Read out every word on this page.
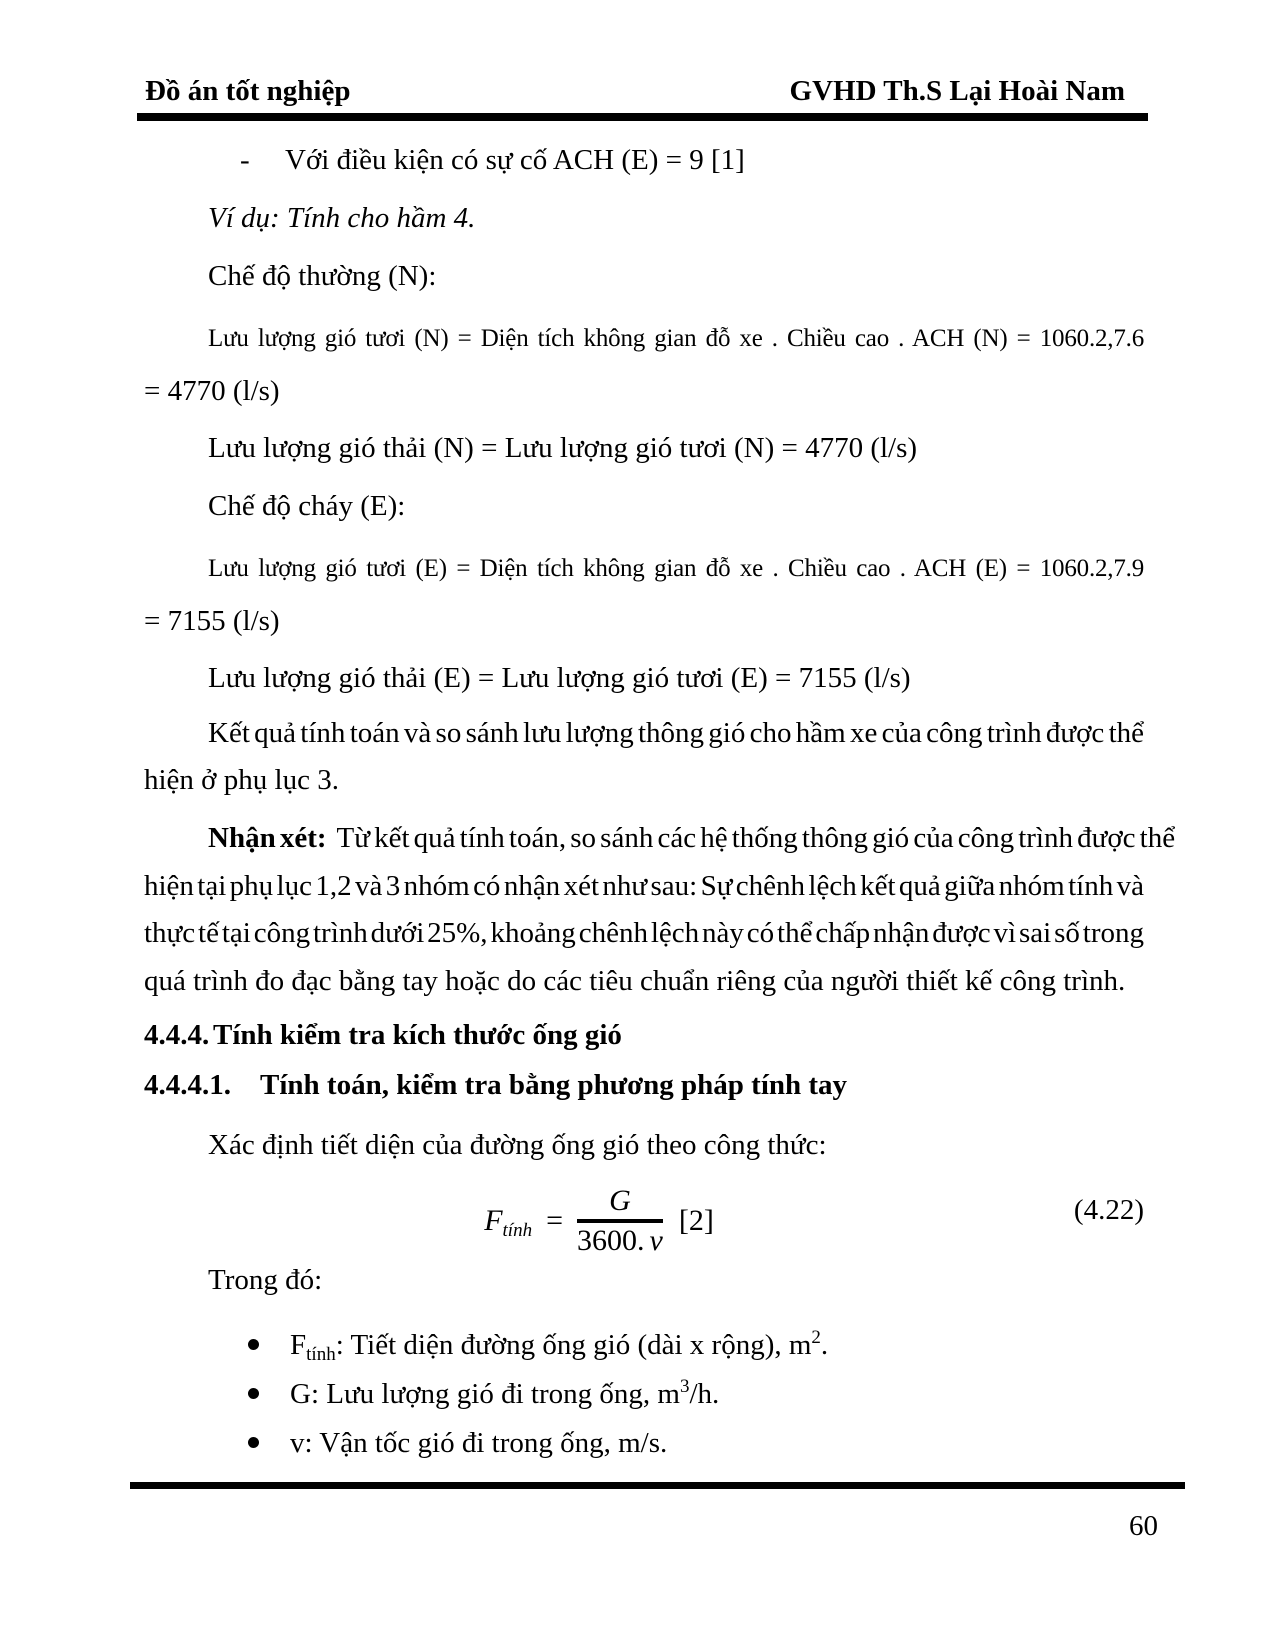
Đồ án tốt nghiệp	GVHD Th.S Lại Hoài Nam
- Với điều kiện có sự cố ACH (E) = 9 [1]
Ví dụ: Tính cho hầm 4.
Chế độ thường (N):
Lưu lượng gió tươi (N) = Diện tích không gian đỗ xe . Chiều cao . ACH (N) = 1060.2,7.6
= 4770 (l/s)
Lưu lượng gió thải (N) = Lưu lượng gió tươi (N) = 4770 (l/s)
Chế độ cháy (E):
Lưu lượng gió tươi (E) = Diện tích không gian đỗ xe . Chiều cao . ACH (E) = 1060.2,7.9
= 7155 (l/s)
Lưu lượng gió thải (E) = Lưu lượng gió tươi (E) = 7155 (l/s)
Kết quả tính toán và so sánh lưu lượng thông gió cho hầm xe của công trình được thể
hiện ở phụ lục 3.
Nhận xét: Từ kết quả tính toán, so sánh các hệ thống thông gió của công trình được thể
hiện tại phụ lục 1,2 và 3 nhóm có nhận xét như sau: Sự chênh lệch kết quả giữa nhóm tính và
thực tế tại công trình dưới 25%, khoảng chênh lệch này có thể chấp nhận được vì sai số trong
quá trình đo đạc bằng tay hoặc do các tiêu chuẩn riêng của người thiết kế công trình.
4.4.4. Tính kiểm tra kích thước ống gió
4.4.4.1. Tính toán, kiểm tra bằng phương pháp tính tay
Xác định tiết diện của đường ống gió theo công thức:
$F_{tính} = \frac{G}{3600. v} [2]$	(4.22)
Trong đó:
$F_{tính}$: Tiết diện đường ống gió (dài x rộng), $m^2$.
G: Lưu lượng gió đi trong ống, $m^3/h$.
v: Vận tốc gió đi trong ống, m/s.
60
